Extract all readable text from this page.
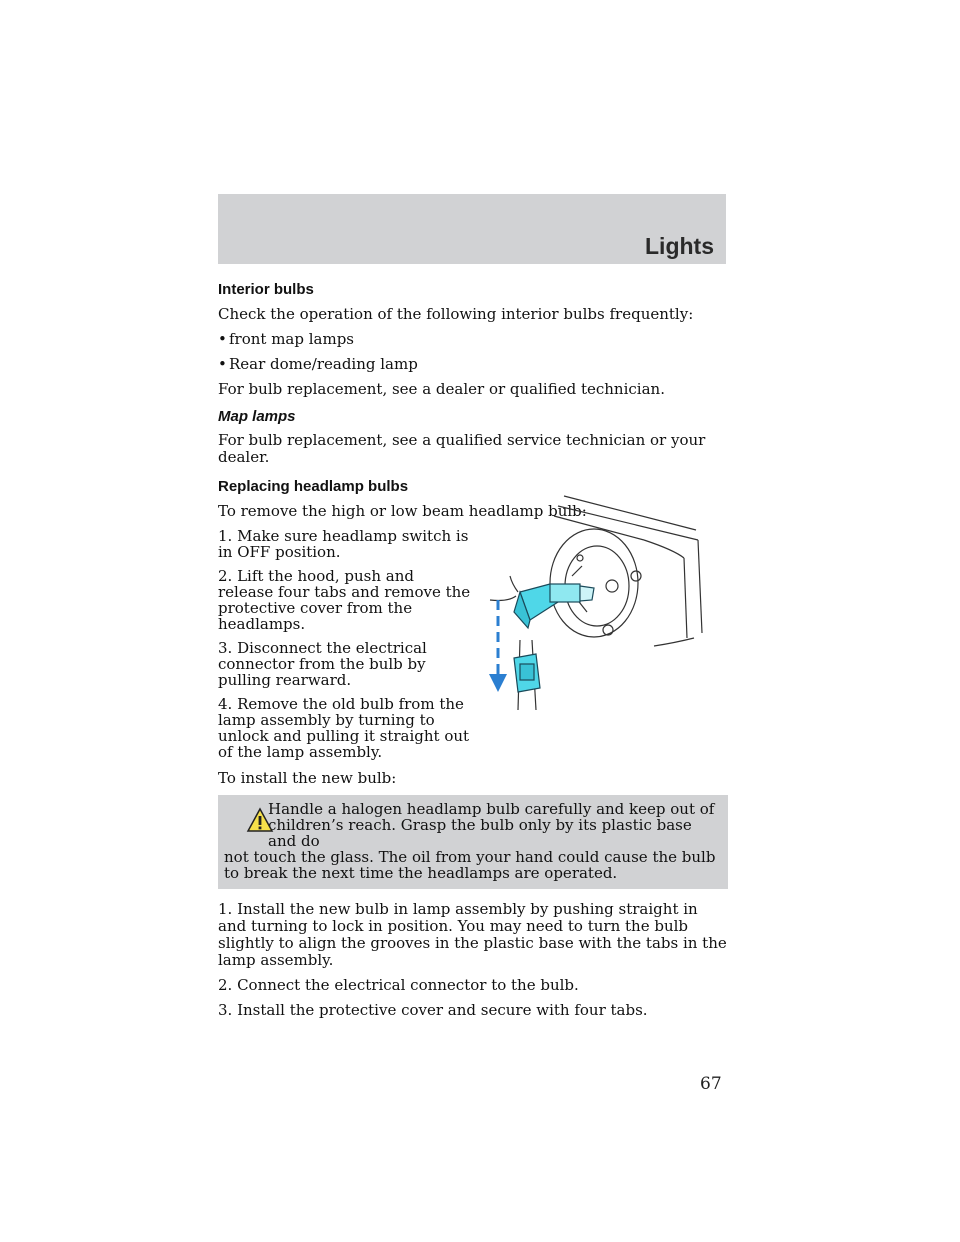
Lights
Interior bulbs

Check the operation of the following interior bulbs frequently:

• front map lamps
• Rear dome/reading lamp

For bulb replacement, see a dealer or qualified technician.

Map lamps

For bulb replacement, see a qualified service technician or your dealer.

Replacing headlamp bulbs

To remove the high or low beam headlamp bulb:

1. Make sure headlamp switch is in OFF position.

2. Lift the hood, push and release four tabs and remove the protective cover from the headlamps.

3. Disconnect the electrical connector from the bulb by pulling rearward.

4. Remove the old bulb from the lamp assembly by turning to unlock and pulling it straight out of the lamp assembly.

To install the new bulb:

Handle a halogen headlamp bulb carefully and keep out of children’s reach. Grasp the bulb only by its plastic base and do
not touch the glass. The oil from your hand could cause the bulb to break the next time the headlamps are operated.

1. Install the new bulb in lamp assembly by pushing straight in and turning to lock in position. You may need to turn the bulb slightly to align the grooves in the plastic base with the tabs in the lamp assembly.

2. Connect the electrical connector to the bulb.

3. Install the protective cover and secure with four tabs.

67
